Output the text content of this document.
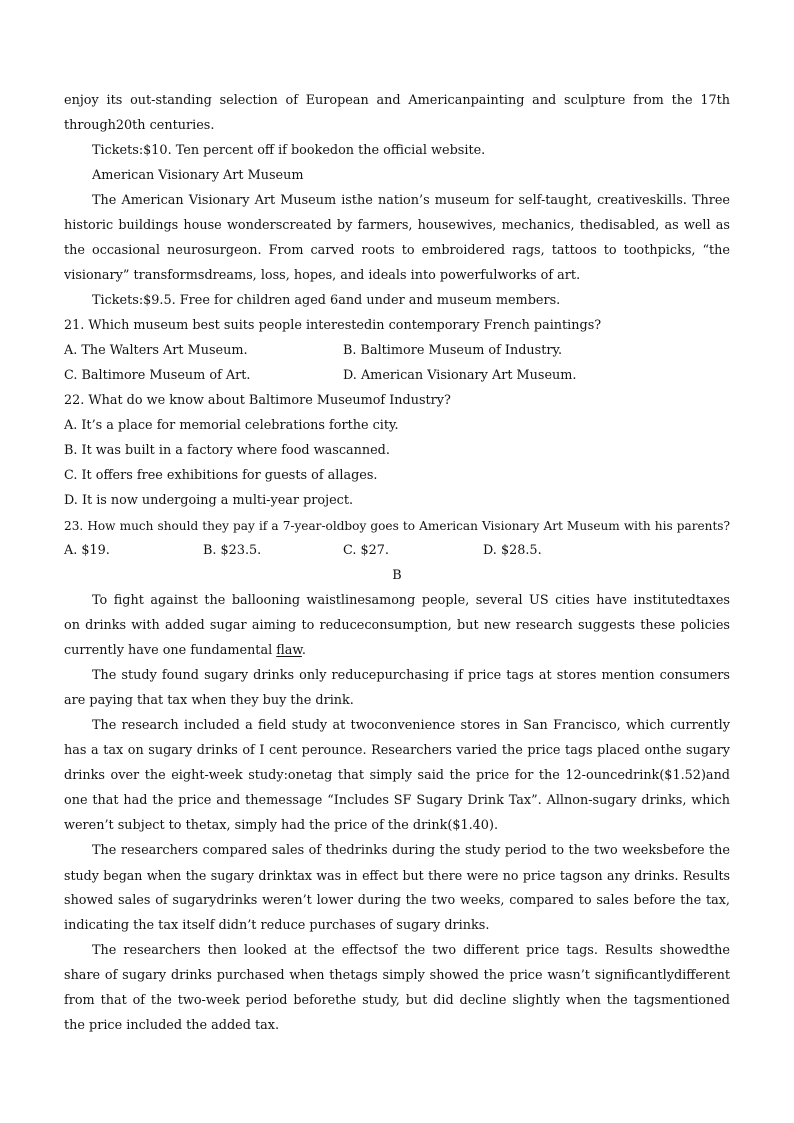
enjoy its out-standing selection of European and Americanpainting and sculpture from the 17th
through20th centuries.
Tickets:$10. Ten percent off if bookedon the official website.
American Visionary Art Museum
The American Visionary Art Museum isthe nation’s museum for self-taught, creativeskills. Three
historic buildings house wonderscreated by farmers, housewives, mechanics, thedisabled, as well as
the occasional neurosurgeon. From carved roots to embroidered rags, tattoos to toothpicks, “the
visionary” transformsdreams, loss, hopes, and ideals into powerfulworks of art.
Tickets:$9.5. Free for children aged 6and under and museum members.
21. Which museum best suits people interestedin contemporary French paintings?
A. The Walters Art Museum.	B. Baltimore Museum of Industry.
C. Baltimore Museum of Art.	D. American Visionary Art Museum.
22. What do we know about Baltimore Museumof Industry?
A. It’s a place for memorial celebrations forthe city.
B. It was built in a factory where food wascanned.
C. It offers free exhibitions for guests of allages.
D. It is now undergoing a multi-year project.
23. How much should they pay if a 7-year-oldboy goes to American Visionary Art Museum with his parents?
A. $19.	B. $23.5.	C. $27.	D. $28.5.
B
To fight against the ballooning waistlinesamong people, several US cities have institutedtaxes
on drinks with added sugar aiming to reduceconsumption, but new research suggests these policies
currently have one fundamental flaw.
The study found sugary drinks only reducepurchasing if price tags at stores mention consumers
are paying that tax when they buy the drink.
The research included a field study at twoconvenience stores in San Francisco, which currently
has a tax on sugary drinks of I cent perounce. Researchers varied the price tags placed onthe sugary
drinks over the eight-week study:onetag that simply said the price for the 12-ouncedrink($1.52)and
one that had the price and themessage “Includes SF Sugary Drink Tax”. Allnon-sugary drinks, which
weren’t subject to thetax, simply had the price of the drink($1.40).
The researchers compared sales of thedrinks during the study period to the two weeksbefore the
study began when the sugary drinktax was in effect but there were no price tagson any drinks. Results
showed sales of sugarydrinks weren’t lower during the two weeks, compared to sales before the tax,
indicating the tax itself didn’t reduce purchases of sugary drinks.
The researchers then looked at the effectsof the two different price tags. Results showedthe
share of sugary drinks purchased when thetags simply showed the price wasn’t significantlydifferent
from that of the two-week period beforethe study, but did decline slightly when the tagsmentioned
the price included the added tax.
